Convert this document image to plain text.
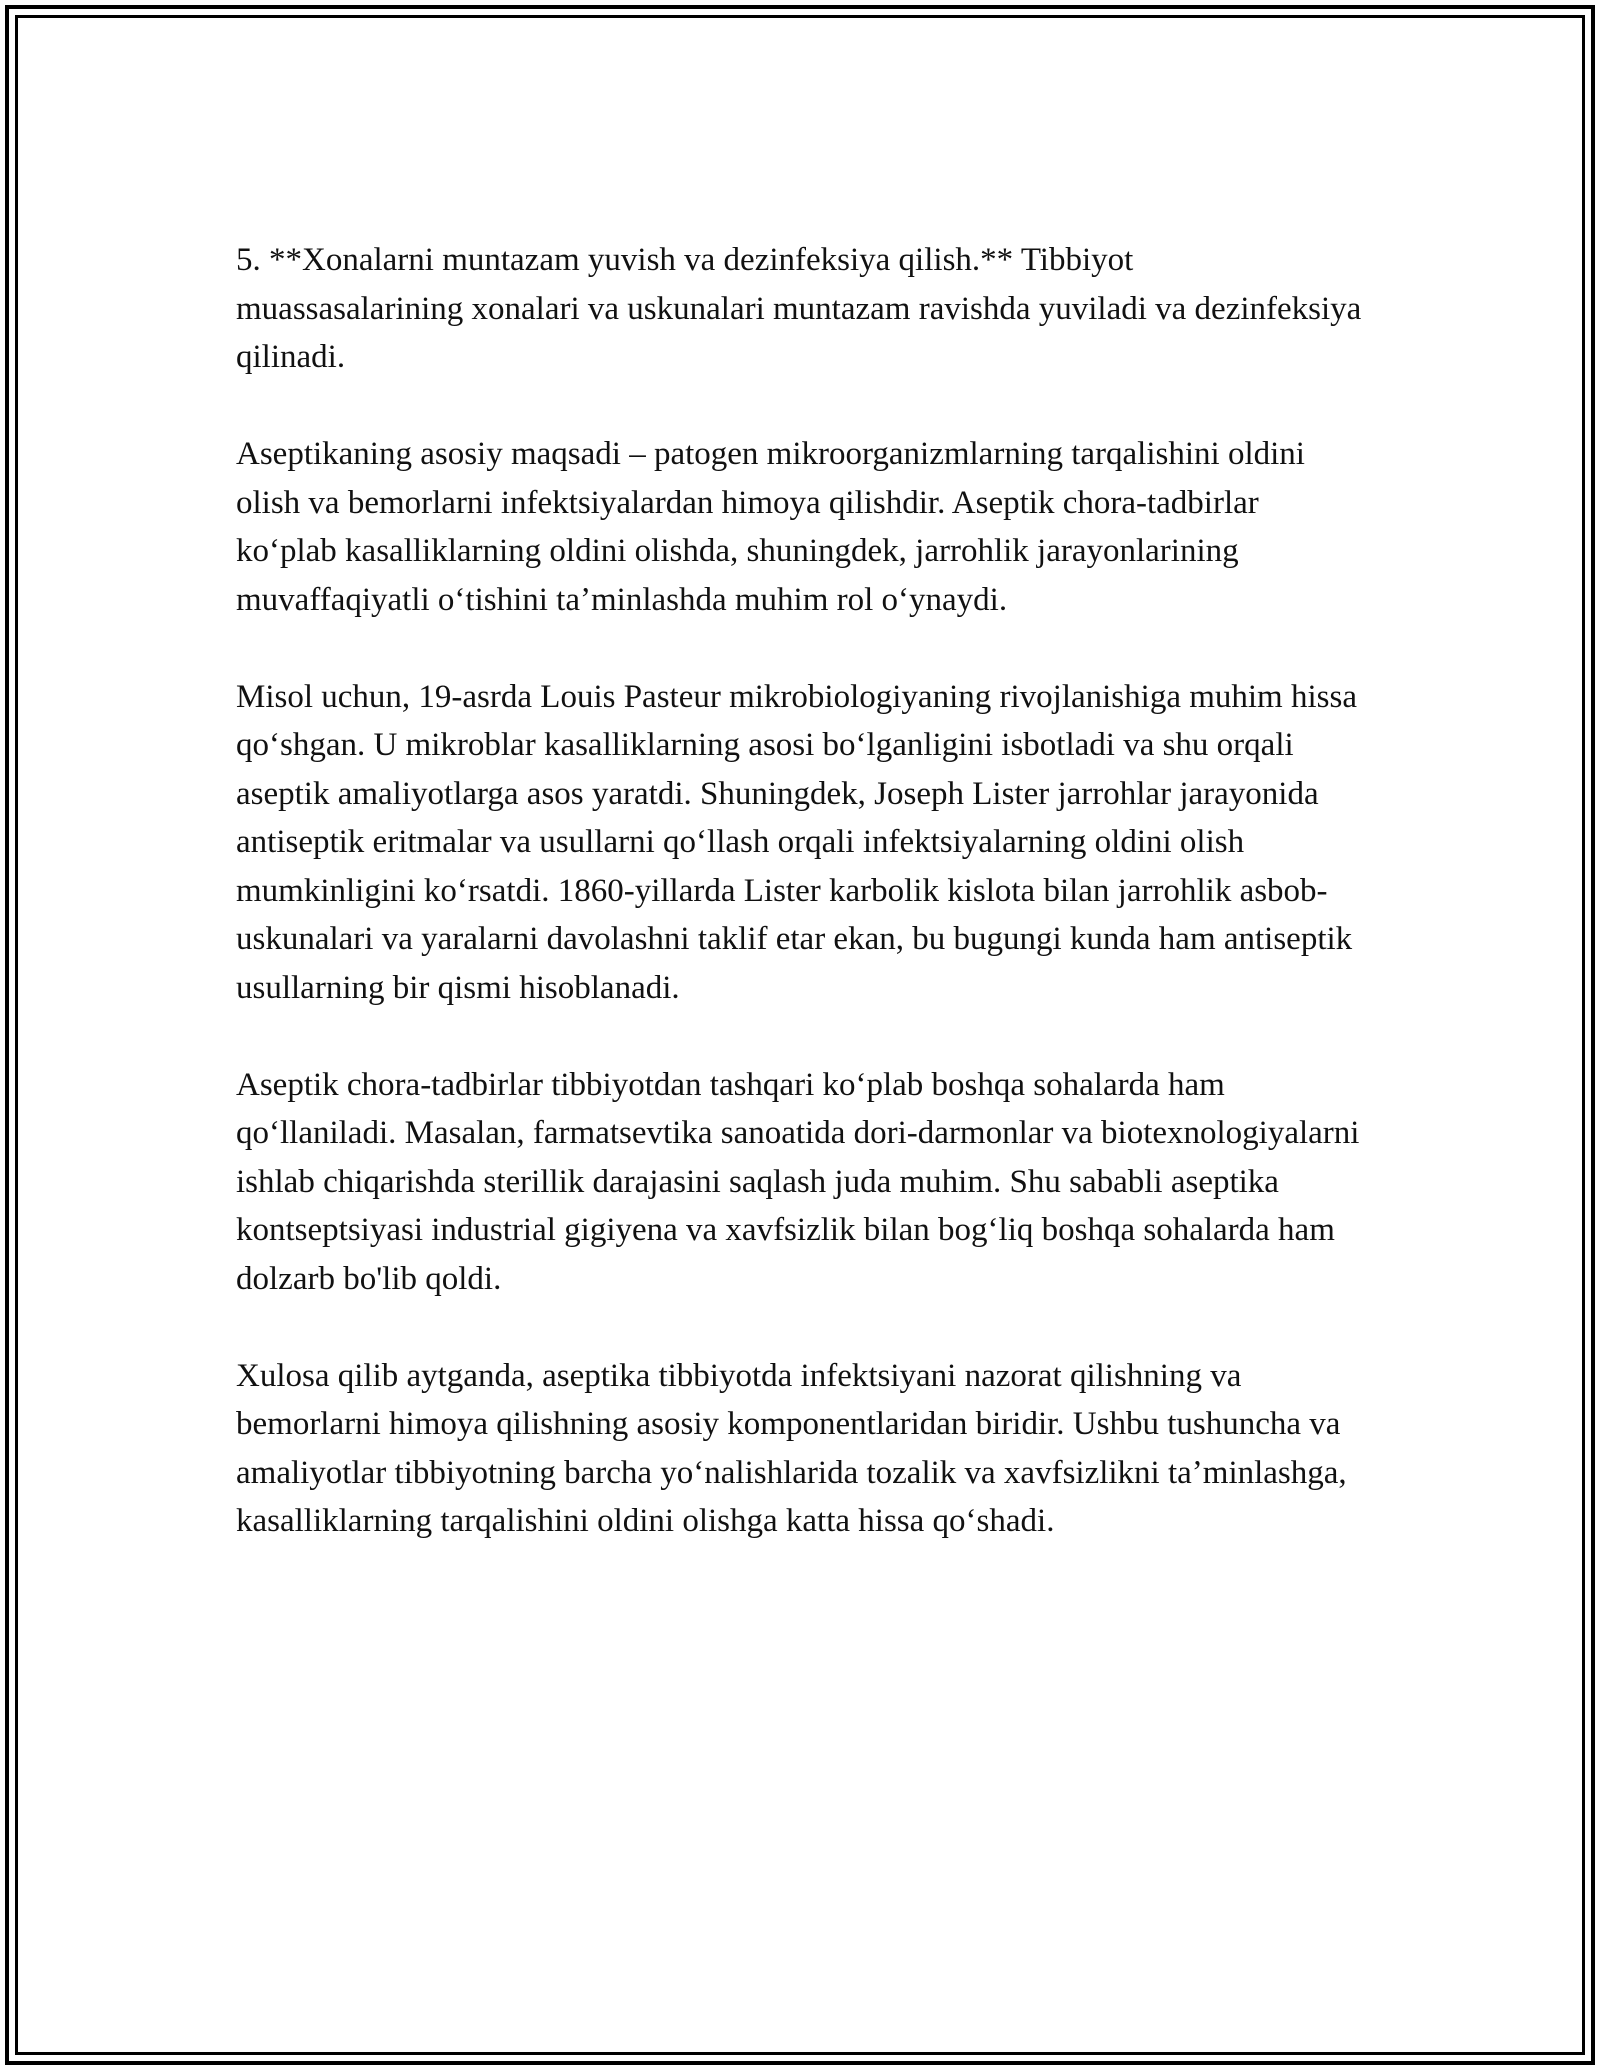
5. **Xonalarni muntazam yuvish va dezinfeksiya qilish.** Tibbiyot muassasalarining xonalari va uskunalari muntazam ravishda yuviladi va dezinfeksiya qilinadi.

Aseptikaning asosiy maqsadi – patogen mikroorganizmlarning tarqalishini oldini olish va bemorlarni infektsiyalardan himoya qilishdir. Aseptik chora-tadbirlar koʻplab kasalliklarning oldini olishda, shuningdek, jarrohlik jarayonlarining muvaffaqiyatli oʻtishini taʼminlashda muhim rol oʻynaydi.

Misol uchun, 19-asrda Louis Pasteur mikrobiologiyaning rivojlanishiga muhim hissa qoʻshgan. U mikroblar kasalliklarning asosi boʻlganligini isbotladi va shu orqali aseptik amaliyotlarga asos yaratdi. Shuningdek, Joseph Lister jarrohlar jarayonida antiseptik eritmalar va usullarni qoʻllash orqali infektsiyalarning oldini olish mumkinligini koʻrsatdi. 1860-yillarda Lister karbolik kislota bilan jarrohlik asbob-uskunalari va yaralarni davolashni taklif etar ekan, bu bugungi kunda ham antiseptik usullarning bir qismi hisoblanadi.

Aseptik chora-tadbirlar tibbiyotdan tashqari koʻplab boshqa sohalarda ham qoʻllaniladi. Masalan, farmatsevtika sanoatida dori-darmonlar va biotexnologiyalarni ishlab chiqarishda sterillik darajasini saqlash juda muhim. Shu sababli aseptika kontseptsiyasi industrial gigiyena va xavfsizlik bilan bogʻliq boshqa sohalarda ham dolzarb bo'lib qoldi.

Xulosa qilib aytganda, aseptika tibbiyotda infektsiyani nazorat qilishning va bemorlarni himoya qilishning asosiy komponentlaridan biridir. Ushbu tushuncha va amaliyotlar tibbiyotning barcha yoʻnalishlarida tozalik va xavfsizlikni taʼminlashga, kasalliklarning tarqalishini oldini olishga katta hissa qoʻshadi.
